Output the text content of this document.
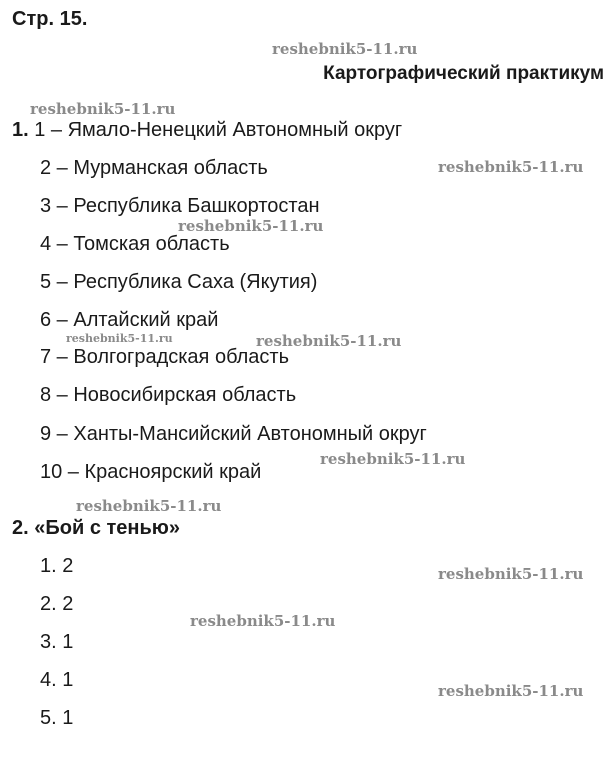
Стр. 15.
reshebnik5-11.ru
Картографический практикум
reshebnik5-11.ru
1. 1 – Ямало-Ненецкий Автономный округ
2 – Мурманская область	reshebnik5-11.ru
3 – Республика Башкортостан
reshebnik5-11.ru
4 – Томская область
5 – Республика Саха (Якутия)
6 – Алтайский край
reshebnik5-11.ru	reshebnik5-11.ru
7 – Волгоградская область
8 – Новосибирская область
9 – Ханты-Мансийский Автономный округ
reshebnik5-11.ru
10 – Красноярский край
reshebnik5-11.ru
2. «Бой с тенью»
1. 2	reshebnik5-11.ru
2. 2
reshebnik5-11.ru
3. 1
4. 1	reshebnik5-11.ru
5. 1
